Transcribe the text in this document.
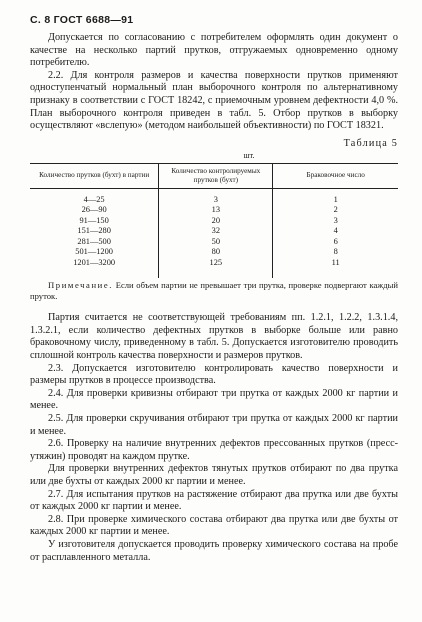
С. 8 ГОСТ 6688—91

Допускается по согласованию с потребителем оформлять один документ о качестве на несколько партий прутков, отгружаемых одновременно одному потребителю.

2.2. Для контроля размеров и качества поверхности прутков применяют одноступенчатый нормальный план выборочного контроля по альтернативному признаку в соответствии с ГОСТ 18242, с приемочным уровнем дефектности 4,0 %. План выборочного контроля приведен в табл. 5. Отбор прутков в выборку осуществляют «вслепую» (методом наибольшей объективности) по ГОСТ 18321.

Таблица 5
шт.
Количество прутков (бухт) в партии	Количество контролируемых прутков (бухт)	Браковочное число
4—25	3	1
26—90	13	2
91—150	20	3
151—280	32	4
281—500	50	6
501—1200	80	8
1201—3200	125	11

Примечание. Если объем партии не превышает три прутка, проверке подвергают каждый пруток.

Партия считается не соответствующей требованиям пп. 1.2.1, 1.2.2, 1.3.1.4, 1.3.2.1, если количество дефектных прутков в выборке больше или равно браковочному числу, приведенному в табл. 5. Допускается изготовителю проводить сплошной контроль качества поверхности и размеров прутков.

2.3. Допускается изготовителю контролировать качество поверхности и размеры прутков в процессе производства.

2.4. Для проверки кривизны отбирают три прутка от каждых 2000 кг партии и менее.

2.5. Для проверки скручивания отбирают три прутка от каждых 2000 кг партии и менее.

2.6. Проверку на наличие внутренних дефектов прессованных прутков (пресс-утяжин) проводят на каждом прутке.

Для проверки внутренних дефектов тянутых прутков отбирают по два прутка или две бухты от каждых 2000 кг партии и менее.

2.7. Для испытания прутков на растяжение отбирают два прутка или две бухты от каждых 2000 кг партии и менее.

2.8. При проверке химического состава отбирают два прутка или две бухты от каждых 2000 кг партии и менее.

У изготовителя допускается проводить проверку химического состава на пробе от расплавленного металла.
